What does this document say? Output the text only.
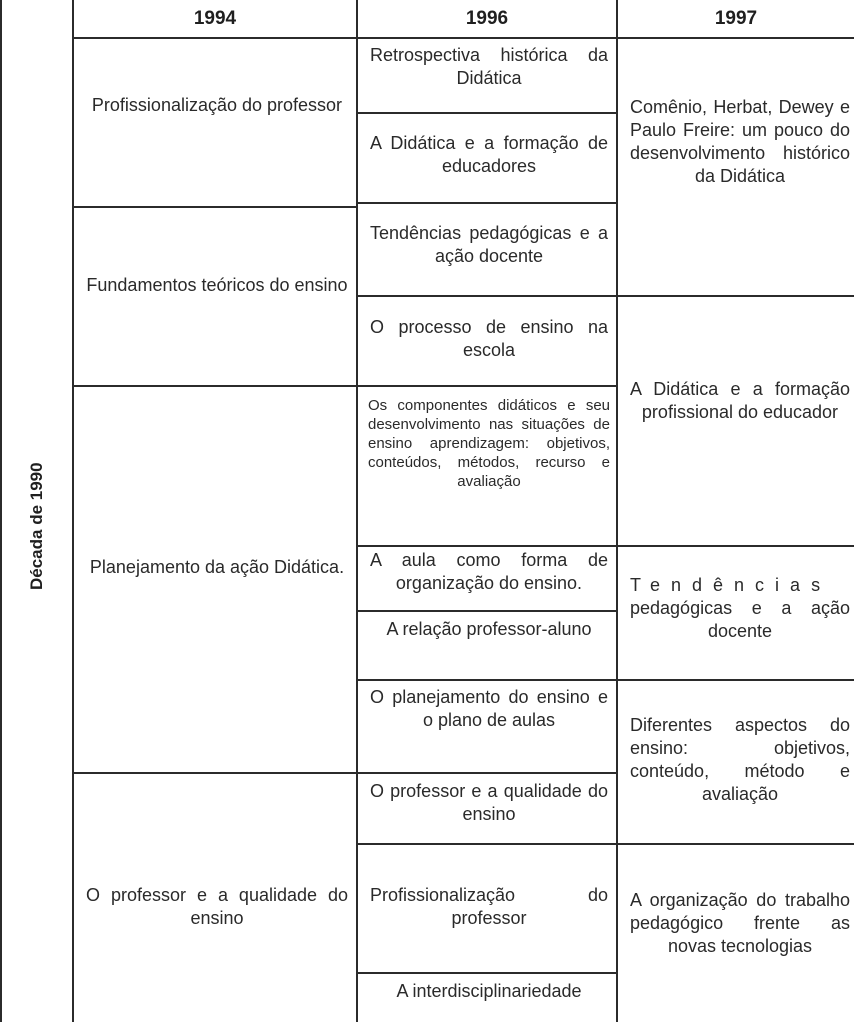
Década de 1990
1994	1996	1997
Profissionalização do professor
Fundamentos teóricos do ensino
Planejamento da ação Didática.
O professor e a qualidade do ensino
Retrospectiva histórica da Didática
A Didática e a formação de educadores
Tendências pedagógicas e a ação docente
O processo de ensino na escola
Os componentes didáticos e seu desenvolvimento nas situações de ensino aprendizagem: objetivos, conteúdos, métodos, recurso e avaliação
A aula como forma de organização do ensino.
A relação professor-aluno
O planejamento do ensino e o plano de aulas
O professor e a qualidade do ensino
Profissionalização do professor
A interdisciplinariedade
Comênio, Herbat, Dewey e Paulo Freire: um pouco do desenvolvimento histórico da Didática
A Didática e a formação profissional do educador
Tendências
pedagógicas e a ação docente
Diferentes aspectos do ensino: objetivos, conteúdo, método e avaliação
A organização do trabalho pedagógico frente as novas tecnologias
